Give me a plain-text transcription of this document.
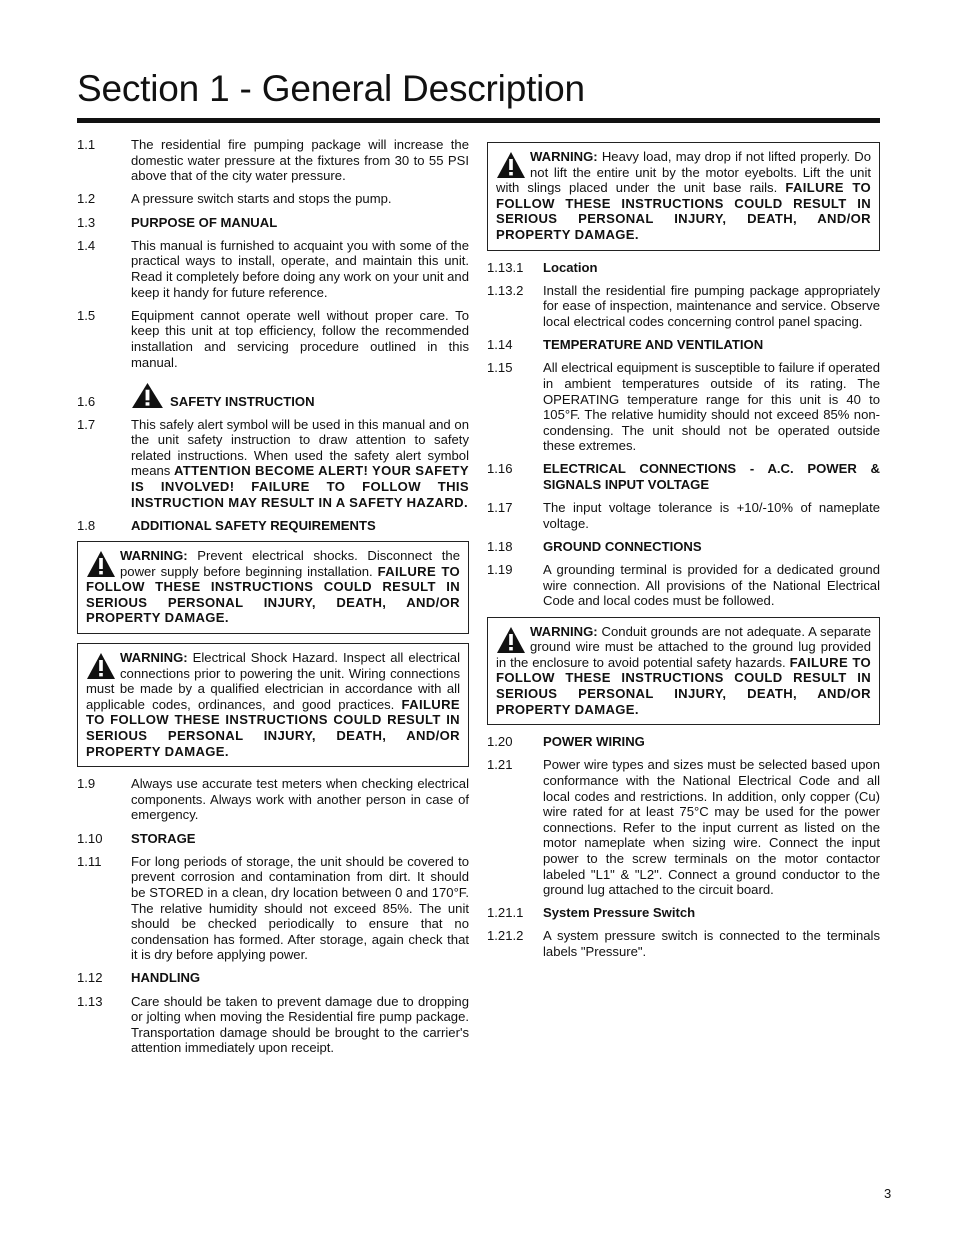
Section 1 - General Description
1.1	The residential fire pumping package will increase the domestic water pressure at the fixtures from 30 to 55 PSI above that of the city water pressure.
1.2	A pressure switch starts and stops the pump.
1.3	PURPOSE OF MANUAL
1.4	This manual is furnished to acquaint you with some of the practical ways to install, operate, and maintain this unit. Read it completely before doing any work on your unit and keep it handy for future reference.
1.5	Equipment cannot operate well without proper care. To keep this unit at top efficiency, follow the recommended installation and servicing procedure outlined in this manual.
1.6	SAFETY INSTRUCTION
1.7	This safely alert symbol will be used in this manual and on the unit safety instruction to draw attention to safety related instructions. When used the safety alert symbol means ATTENTION BECOME ALERT! YOUR SAFETY IS INVOLVED! FAILURE TO FOLLOW THIS INSTRUCTION MAY RESULT IN A SAFETY HAZARD.
1.8	ADDITIONAL SAFETY REQUIREMENTS
WARNING: Prevent electrical shocks. Disconnect the power supply before beginning installation. FAILURE TO FOLLOW THESE INSTRUCTIONS COULD RESULT IN SERIOUS PERSONAL INJURY, DEATH, AND/OR PROPERTY DAMAGE.
WARNING: Electrical Shock Hazard. Inspect all electrical connections prior to powering the unit. Wiring connections must be made by a qualified electrician in accordance with all applicable codes, ordinances, and good practices. FAILURE TO FOLLOW THESE INSTRUCTIONS COULD RESULT IN SERIOUS PERSONAL INJURY, DEATH, AND/OR PROPERTY DAMAGE.
1.9	Always use accurate test meters when checking electrical components. Always work with another person in case of emergency.
1.10	STORAGE
1.11	For long periods of storage, the unit should be covered to prevent corrosion and contamination from dirt. It should be STORED in a clean, dry location between 0 and 170°F. The relative humidity should not exceed 85%. The unit should be checked periodically to ensure that no condensation has formed. After storage, again check that it is dry before applying power.
1.12	HANDLING
1.13	Care should be taken to prevent damage due to dropping or jolting when moving the Residential fire pump package. Transportation damage should be brought to the carrier's attention immediately upon receipt.
WARNING: Heavy load, may drop if not lifted properly. Do not lift the entire unit by the motor eyebolts. Lift the unit with slings placed under the unit base rails. FAILURE TO FOLLOW THESE INSTRUCTIONS COULD RESULT IN SERIOUS PERSONAL INJURY, DEATH, AND/OR PROPERTY DAMAGE.
1.13.1	Location
1.13.2	Install the residential fire pumping package appropriately for ease of inspection, maintenance and service. Observe local electrical codes concerning control panel spacing.
1.14	TEMPERATURE AND VENTILATION
1.15	All electrical equipment is susceptible to failure if operated in ambient temperatures outside of its rating. The OPERATING temperature range for this unit is 40 to 105°F. The relative humidity should not exceed 85% non-condensing. The unit should not be operated outside these extremes.
1.16	ELECTRICAL CONNECTIONS - A.C. POWER & SIGNALS INPUT VOLTAGE
1.17	The input voltage tolerance is +10/-10% of nameplate voltage.
1.18	GROUND CONNECTIONS
1.19	A grounding terminal is provided for a dedicated ground wire connection. All provisions of the National Electrical Code and local codes must be followed.
WARNING: Conduit grounds are not adequate. A separate ground wire must be attached to the ground lug provided in the enclosure to avoid potential safety hazards. FAILURE TO FOLLOW THESE INSTRUCTIONS COULD RESULT IN SERIOUS PERSONAL INJURY, DEATH, AND/OR PROPERTY DAMAGE.
1.20	POWER WIRING
1.21	Power wire types and sizes must be selected based upon conformance with the National Electrical Code and all local codes and restrictions. In addition, only copper (Cu) wire rated for at least 75°C may be used for the power connections. Refer to the input current as listed on the motor nameplate when sizing wire. Connect the input power to the screw terminals on the motor contactor labeled "L1" & "L2". Connect a ground conductor to the ground lug attached to the circuit board.
1.21.1	System Pressure Switch
1.21.2	A system pressure switch is connected to the terminals labels "Pressure".
3
